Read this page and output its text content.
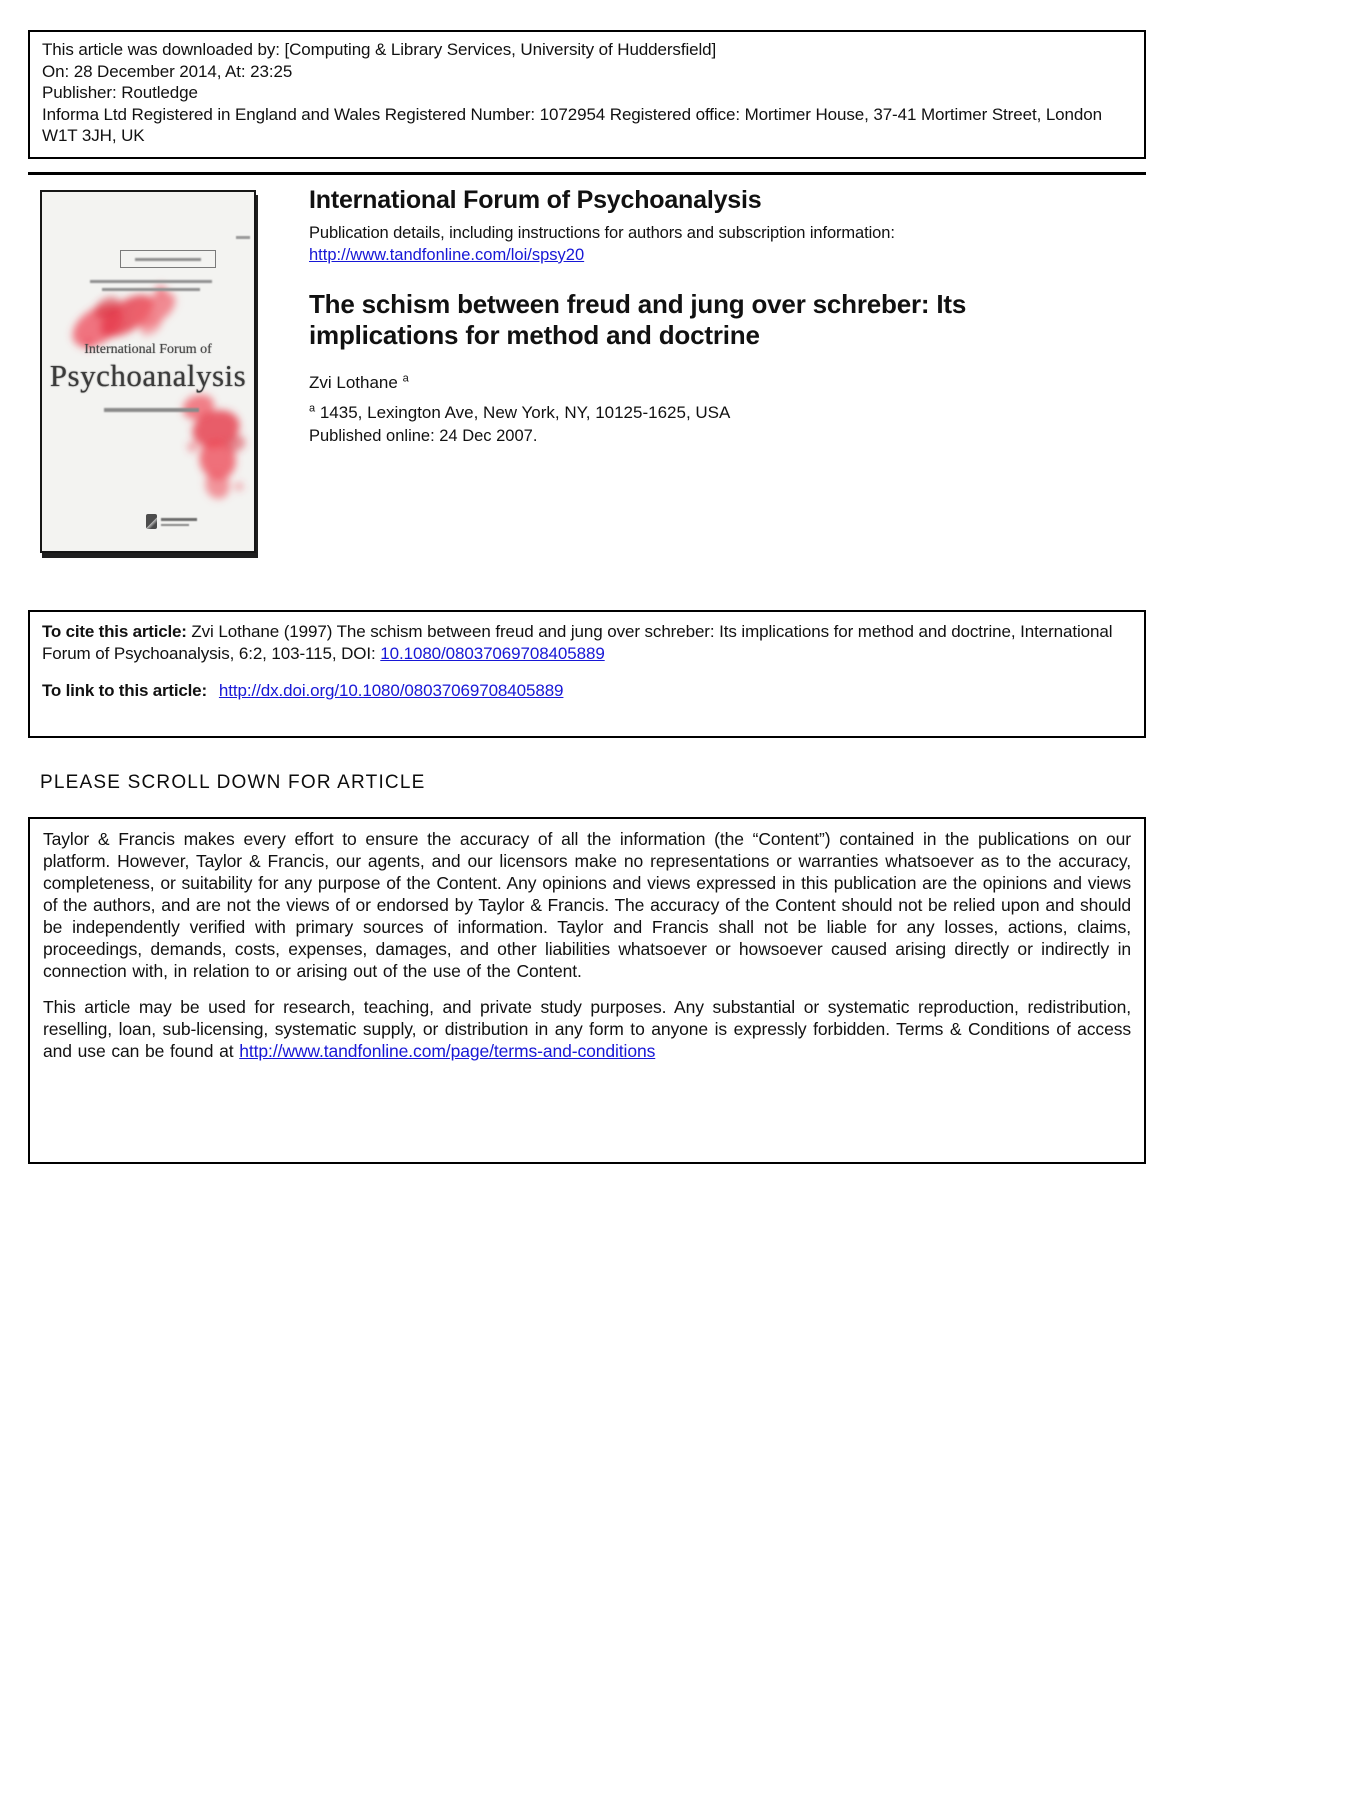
This article was downloaded by: [Computing & Library Services, University of Huddersfield]
On: 28 December 2014, At: 23:25
Publisher: Routledge
Informa Ltd Registered in England and Wales Registered Number: 1072954 Registered office: Mortimer House, 37-41 Mortimer Street, London W1T 3JH, UK
International Forum of
Psychoanalysis
International Forum of Psychoanalysis
Publication details, including instructions for authors and subscription information:
http://www.tandfonline.com/loi/spsy20
The schism between freud and jung over schreber: Its implications for method and doctrine
Zvi Lothane $^a$
$^a$ 1435, Lexington Ave, New York, NY, 10125-1625, USA
Published online: 24 Dec 2007.
To cite this article: Zvi Lothane (1997) The schism between freud and jung over schreber: Its implications for method and doctrine, International Forum of Psychoanalysis, 6:2, 103-115, DOI: 10.1080/08037069708405889
To link to this article: http://dx.doi.org/10.1080/08037069708405889
PLEASE SCROLL DOWN FOR ARTICLE
Taylor & Francis makes every effort to ensure the accuracy of all the information (the “Content”) contained in the publications on our platform. However, Taylor & Francis, our agents, and our licensors make no representations or warranties whatsoever as to the accuracy, completeness, or suitability for any purpose of the Content. Any opinions and views expressed in this publication are the opinions and views of the authors, and are not the views of or endorsed by Taylor & Francis. The accuracy of the Content should not be relied upon and should be independently verified with primary sources of information. Taylor and Francis shall not be liable for any losses, actions, claims, proceedings, demands, costs, expenses, damages, and other liabilities whatsoever or howsoever caused arising directly or indirectly in connection with, in relation to or arising out of the use of the Content.
This article may be used for research, teaching, and private study purposes. Any substantial or systematic reproduction, redistribution, reselling, loan, sub-licensing, systematic supply, or distribution in any form to anyone is expressly forbidden. Terms & Conditions of access and use can be found at http://www.tandfonline.com/page/terms-and-conditions
